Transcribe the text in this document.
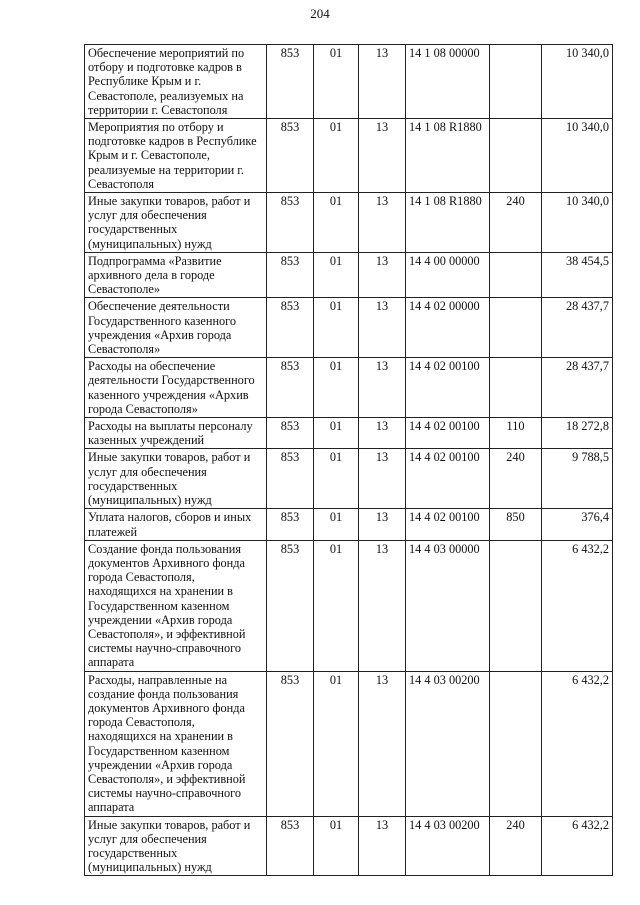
204
Обеспечение мероприятий по отбору и подготовке кадров в Республике Крым и г. Севастополе, реализуемых на территории г. Севастополя	853	01	13	14 1 08 00000		10 340,0
Мероприятия по отбору и подготовке кадров в Республике Крым и г. Севастополе, реализуемые на территории г. Севастополя	853	01	13	14 1 08 R1880		10 340,0
Иные закупки товаров, работ и услуг для обеспечения государственных (муниципальных) нужд	853	01	13	14 1 08 R1880	240	10 340,0
Подпрограмма «Развитие архивного дела в городе Севастополе»	853	01	13	14 4 00 00000		38 454,5
Обеспечение деятельности Государственного казенного учреждения «Архив города Севастополя»	853	01	13	14 4 02 00000		28 437,7
Расходы на обеспечение деятельности Государственного казенного учреждения «Архив города Севастополя»	853	01	13	14 4 02 00100		28 437,7
Расходы на выплаты персоналу казенных учреждений	853	01	13	14 4 02 00100	110	18 272,8
Иные закупки товаров, работ и услуг для обеспечения государственных (муниципальных) нужд	853	01	13	14 4 02 00100	240	9 788,5
Уплата налогов, сборов и иных платежей	853	01	13	14 4 02 00100	850	376,4
Создание фонда пользования документов Архивного фонда города Севастополя, находящихся на хранении в Государственном казенном учреждении «Архив города Севастополя», и эффективной системы научно-справочного аппарата	853	01	13	14 4 03 00000		6 432,2
Расходы, направленные на создание фонда пользования документов Архивного фонда города Севастополя, находящихся на хранении в Государственном казенном учреждении «Архив города Севастополя», и эффективной системы научно-справочного аппарата	853	01	13	14 4 03 00200		6 432,2
Иные закупки товаров, работ и услуг для обеспечения государственных (муниципальных) нужд	853	01	13	14 4 03 00200	240	6 432,2
